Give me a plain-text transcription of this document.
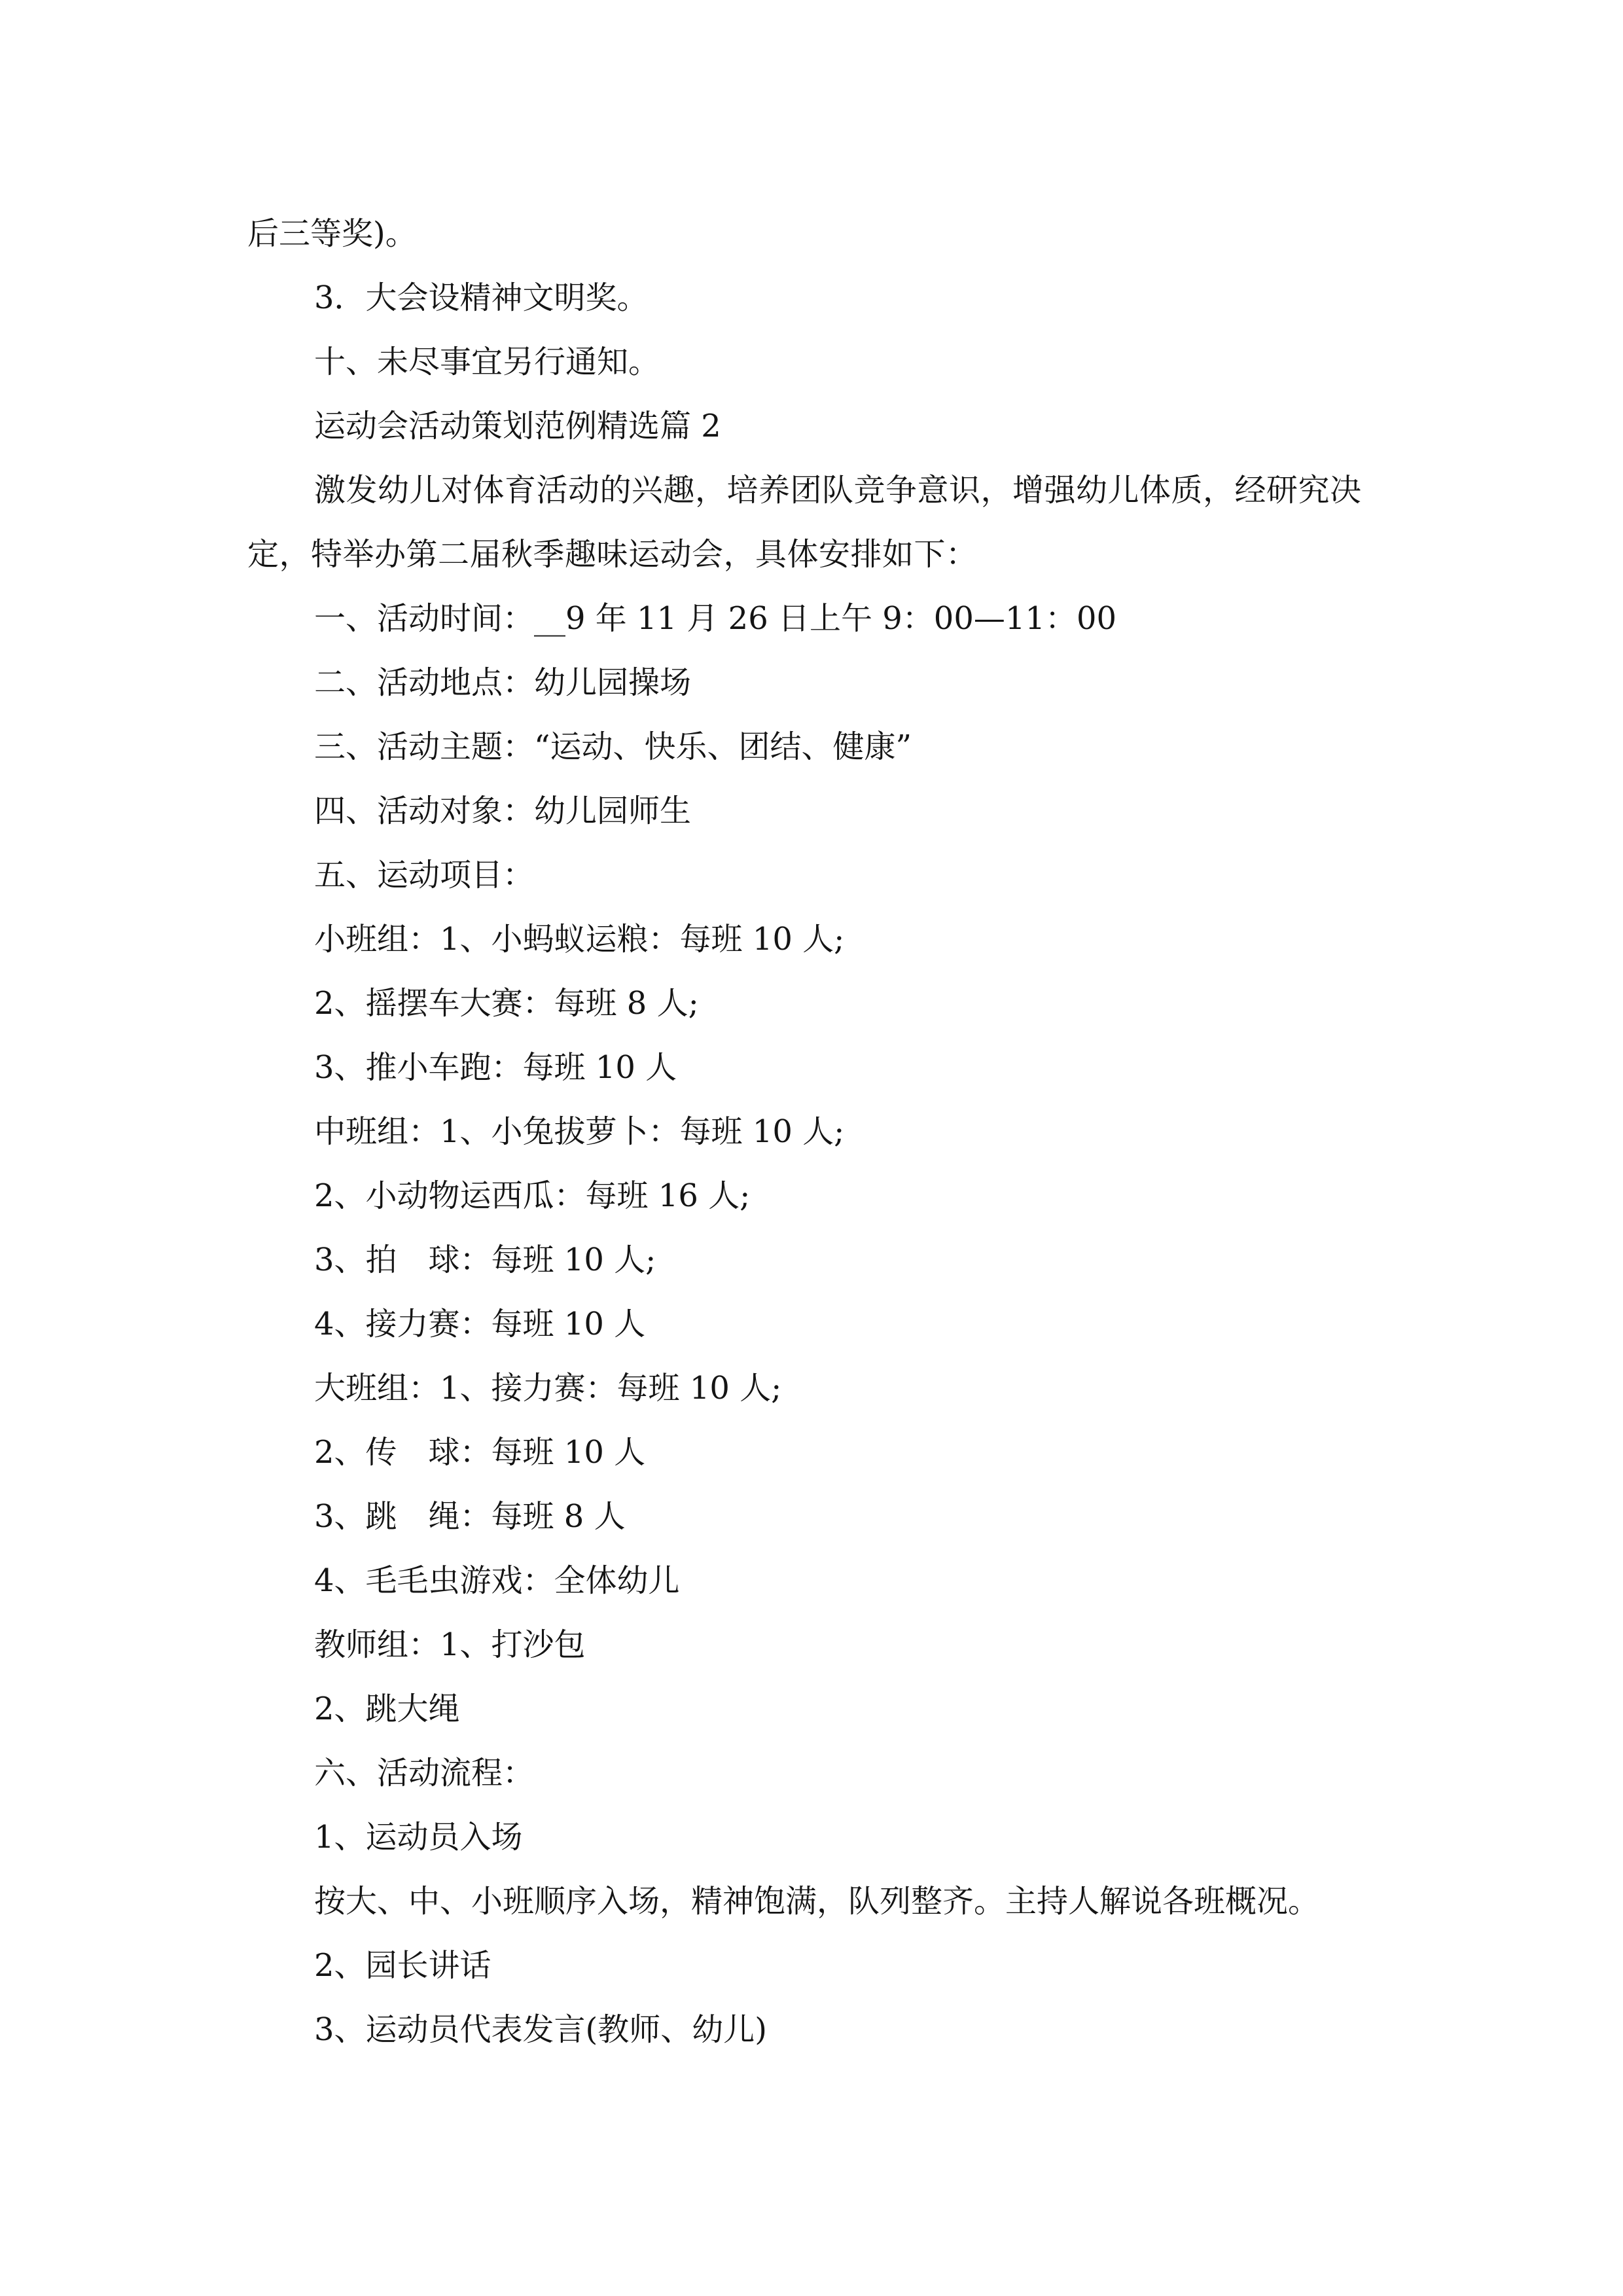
后三等奖)。
3．大会设精神文明奖。
十、未尽事宜另行通知。
运动会活动策划范例精选篇 2
激发幼儿对体育活动的兴趣，培养团队竞争意识，增强幼儿体质，经研究决定，特举办第二届秋季趣味运动会，具体安排如下：
一、活动时间：__9 年 11 月 26 日上午 9：00—11：00
二、活动地点：幼儿园操场
三、活动主题：“运动、快乐、团结、健康”
四、活动对象：幼儿园师生
五、运动项目：
小班组：1、小蚂蚁运粮：每班 10 人;
2、摇摆车大赛：每班 8 人;
3、推小车跑：每班 10 人
中班组：1、小兔拔萝卜：每班 10 人;
2、小动物运西瓜：每班 16 人;
3、拍　球：每班 10 人;
4、接力赛：每班 10 人
大班组：1、接力赛：每班 10 人;
2、传　球：每班 10 人
3、跳　绳：每班 8 人
4、毛毛虫游戏：全体幼儿
教师组：1、打沙包
2、跳大绳
六、活动流程：
1、运动员入场
按大、中、小班顺序入场，精神饱满，队列整齐。主持人解说各班概况。
2、园长讲话
3、运动员代表发言(教师、幼儿)
